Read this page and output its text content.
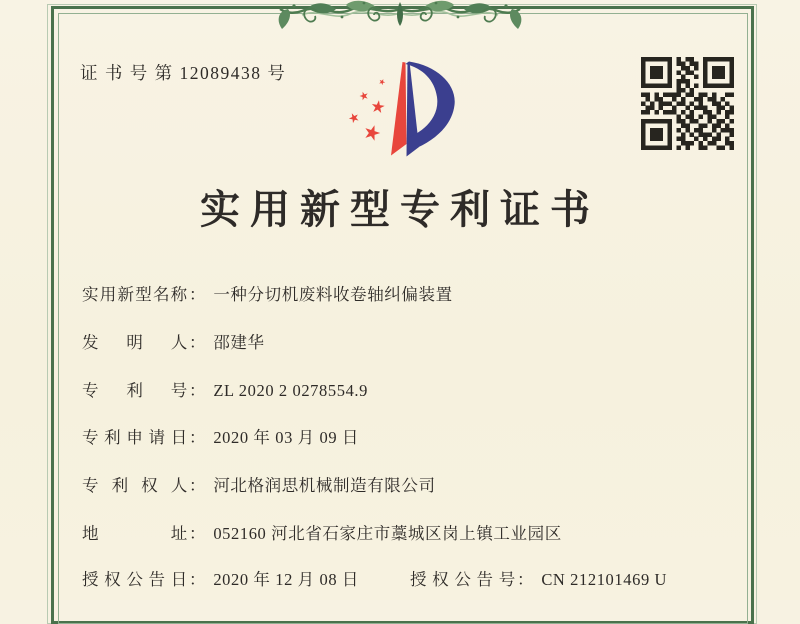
证 书 号 第 12089438 号
实用新型专利证书
实用新型名称： 一种分切机废料收卷轴纠偏装置
发明人： 邵建华
专利号： ZL 2020 2 0278554.9
专利申请日： 2020 年 03 月 09 日
专利权人： 河北格润思机械制造有限公司
地址： 052160 河北省石家庄市藁城区岗上镇工业园区
授权公告日： 2020 年 12 月 08 日	授权公告号： CN 212101469 U
